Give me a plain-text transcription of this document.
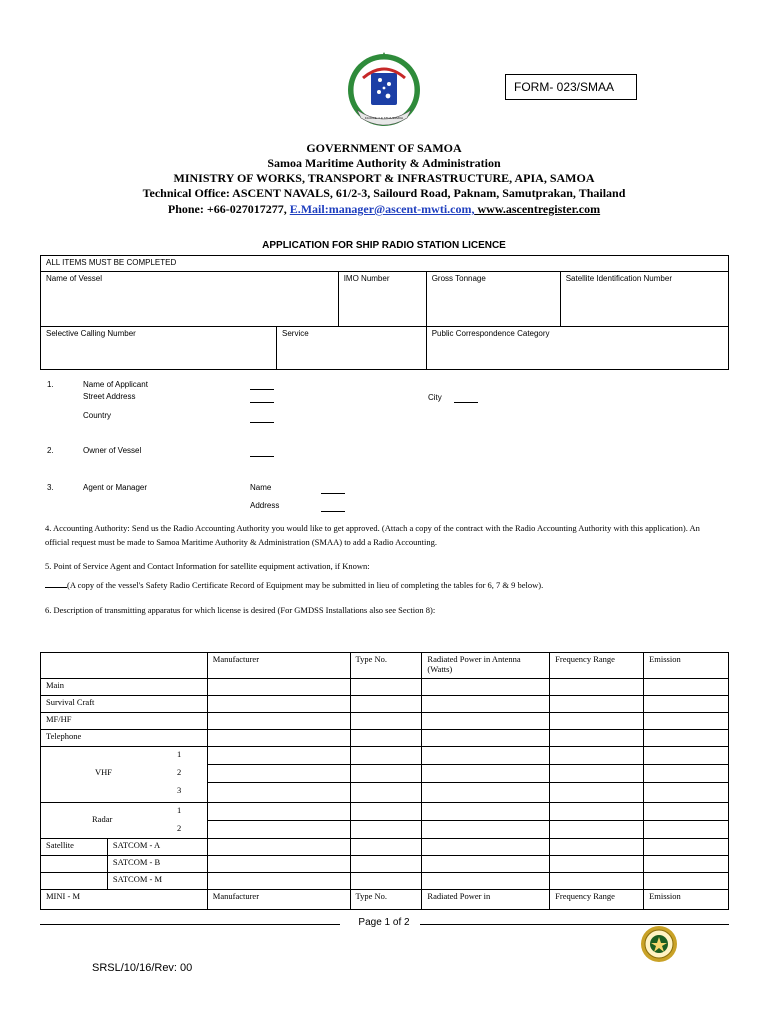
FA'AVAE I LE ATUA SAMOA
FORM- 023/SMAA
GOVERNMENT OF SAMOA
Samoa Maritime Authority & Administration
MINISTRY OF WORKS, TRANSPORT & INFRASTRUCTURE, APIA, SAMOA
Technical Office: ASCENT NAVALS, 61/2-3, Sailourd Road, Paknam, Samutprakan, Thailand
Phone: +66-027017277, E.Mail:manager@ascent-mwti.com, www.ascentregister.com
APPLICATION FOR SHIP RADIO STATION LICENCE
ALL ITEMS MUST BE COMPLETED				
Name of Vessel		IMO Number	Gross Tonnage	Satellite Identification Number
Selective Calling Number	Service		Public Correspondence Category	
1.	Name of Applicant
Street Address	City
Country
2.	Owner of Vessel
3.	Agent or Manager	Name
Address
4. Accounting Authority: Send us the Radio Accounting Authority you would like to get approved. (Attach a copy of the contract with the Radio Accounting Authority with this application). An official request must be made to Samoa Maritime Authority & Administration (SMAA) to add a Radio Accounting.
5. Point of Service Agent and Contact Information for satellite equipment activation, if Known:
(A copy of the vessel's Safety Radio Certificate Record of Equipment may be submitted in lieu of completing the tables for 6, 7 & 9 below).
6. Description of transmitting apparatus for which license is desired (For GMDSS Installations also see Section 8):
		Manufacturer	Type No.	Radiated Power in Antenna (Watts)	Frequency Range	Emission
Main						
Survival Craft						
MF/HF						
Telephone						

VHF
1
2
3						

Radar
1
2						

Satellite	SATCOM - A					
	SATCOM - B					
	SATCOM - M					
MINI - M		Manufacturer	Type No.	Radiated Power in	Frequency Range	Emission
Page 1 of 2
SRSL/10/16/Rev: 00
